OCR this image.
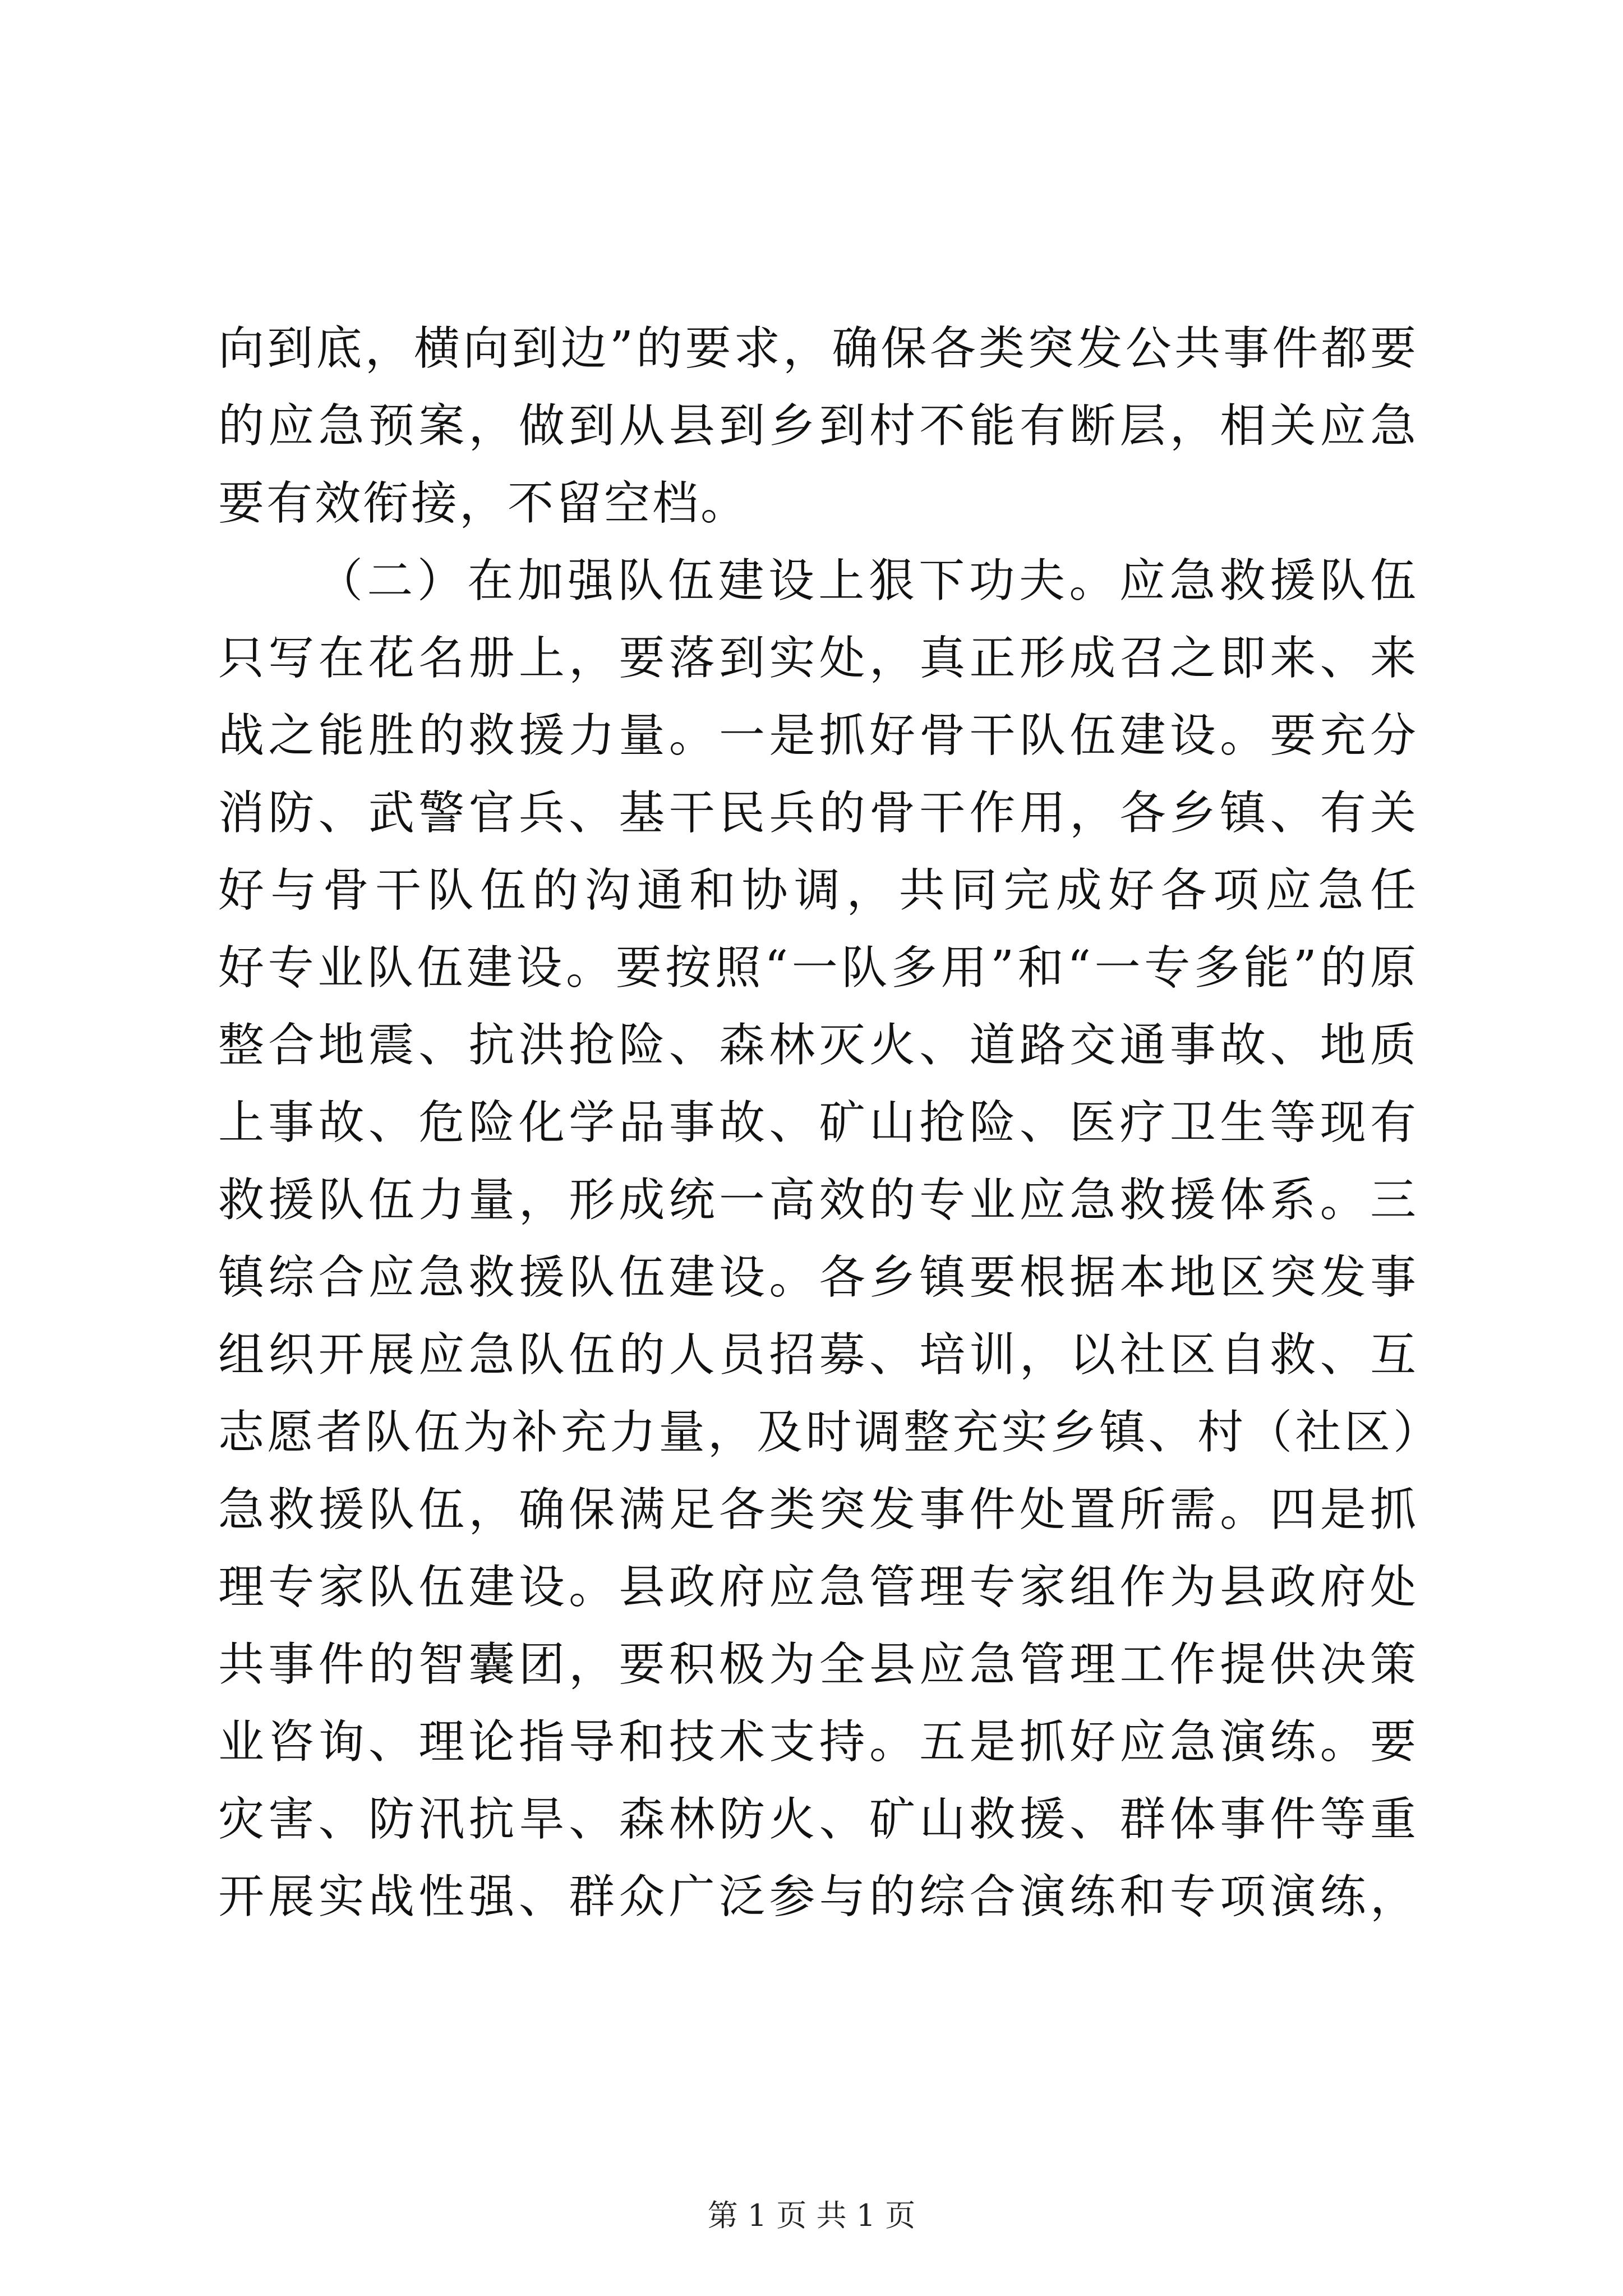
向到底，横向到边”的要求，确保各类突发公共事件都要
的应急预案，做到从县到乡到村不能有断层，相关应急
要有效衔接，不留空档。
（二）在加强队伍建设上狠下功夫。应急救援队伍
只写在花名册上，要落到实处，真正形成召之即来、来
战之能胜的救援力量。一是抓好骨干队伍建设。要充分
消防、武警官兵、基干民兵的骨干作用，各乡镇、有关
好与骨干队伍的沟通和协调，共同完成好各项应急任
好专业队伍建设。要按照“一队多用”和“一专多能”的原
整合地震、抗洪抢险、森林灭火、道路交通事故、地质
上事故、危险化学品事故、矿山抢险、医疗卫生等现有
救援队伍力量，形成统一高效的专业应急救援体系。三
镇综合应急救援队伍建设。各乡镇要根据本地区突发事
组织开展应急队伍的人员招募、培训，以社区自救、互
志愿者队伍为补充力量，及时调整充实乡镇、村（社区）
急救援队伍，确保满足各类突发事件处置所需。四是抓
理专家队伍建设。县政府应急管理专家组作为县政府处
共事件的智囊团，要积极为全县应急管理工作提供决策
业咨询、理论指导和技术支持。五是抓好应急演练。要
灾害、防汛抗旱、森林防火、矿山救援、群体事件等重
开展实战性强、群众广泛参与的综合演练和专项演练，
第 1 页 共 1 页
